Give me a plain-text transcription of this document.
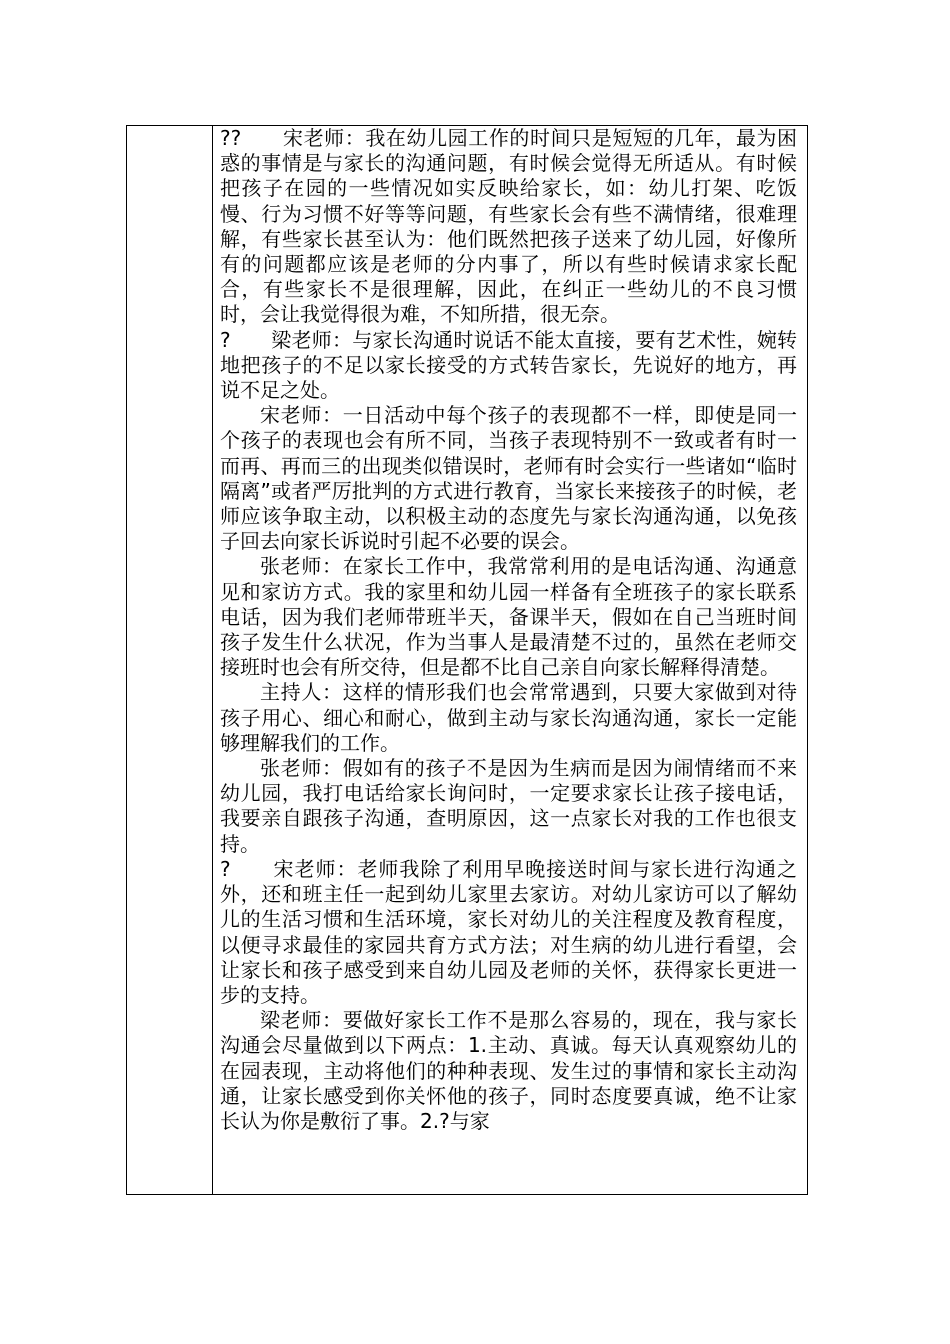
??　　宋老师：我在幼儿园工作的时间只是短短的几年，最为困惑的事情是与家长的沟通问题，有时候会觉得无所适从。有时候把孩子在园的一些情况如实反映给家长，如：幼儿打架、吃饭慢、行为习惯不好等等问题，有些家长会有些不满情绪，很难理解，有些家长甚至认为：他们既然把孩子送来了幼儿园，好像所有的问题都应该是老师的分内事了，所以有些时候请求家长配合，有些家长不是很理解，因此，在纠正一些幼儿的不良习惯时，会让我觉得很为难，不知所措，很无奈。

?　　梁老师：与家长沟通时说话不能太直接，要有艺术性，婉转地把孩子的不足以家长接受的方式转告家长，先说好的地方，再说不足之处。

宋老师：一日活动中每个孩子的表现都不一样，即使是同一个孩子的表现也会有所不同，当孩子表现特别不一致或者有时一而再、再而三的出现类似错误时，老师有时会实行一些诸如“临时隔离”或者严厉批判的方式进行教育，当家长来接孩子的时候，老师应该争取主动，以积极主动的态度先与家长沟通沟通，以免孩子回去向家长诉说时引起不必要的误会。

张老师：在家长工作中，我常常利用的是电话沟通、沟通意见和家访方式。我的家里和幼儿园一样备有全班孩子的家长联系电话，因为我们老师带班半天，备课半天，假如在自己当班时间孩子发生什么状况，作为当事人是最清楚不过的，虽然在老师交接班时也会有所交待，但是都不比自己亲自向家长解释得清楚。

主持人：这样的情形我们也会常常遇到，只要大家做到对待孩子用心、细心和耐心，做到主动与家长沟通沟通，家长一定能够理解我们的工作。

张老师：假如有的孩子不是因为生病而是因为闹情绪而不来幼儿园，我打电话给家长询问时，一定要求家长让孩子接电话，我要亲自跟孩子沟通，查明原因，这一点家长对我的工作也很支持。

?　　宋老师：老师我除了利用早晚接送时间与家长进行沟通之外，还和班主任一起到幼儿家里去家访。对幼儿家访可以了解幼儿的生活习惯和生活环境，家长对幼儿的关注程度及教育程度，以便寻求最佳的家园共育方式方法；对生病的幼儿进行看望，会让家长和孩子感受到来自幼儿园及老师的关怀，获得家长更进一步的支持。

梁老师：要做好家长工作不是那么容易的，现在，我与家长沟通会尽量做到以下两点：1.主动、真诚。每天认真观察幼儿的在园表现，主动将他们的种种表现、发生过的事情和家长主动沟通，让家长感受到你关怀他的孩子，同时态度要真诚，绝不让家长认为你是敷衍了事。2.?与家
